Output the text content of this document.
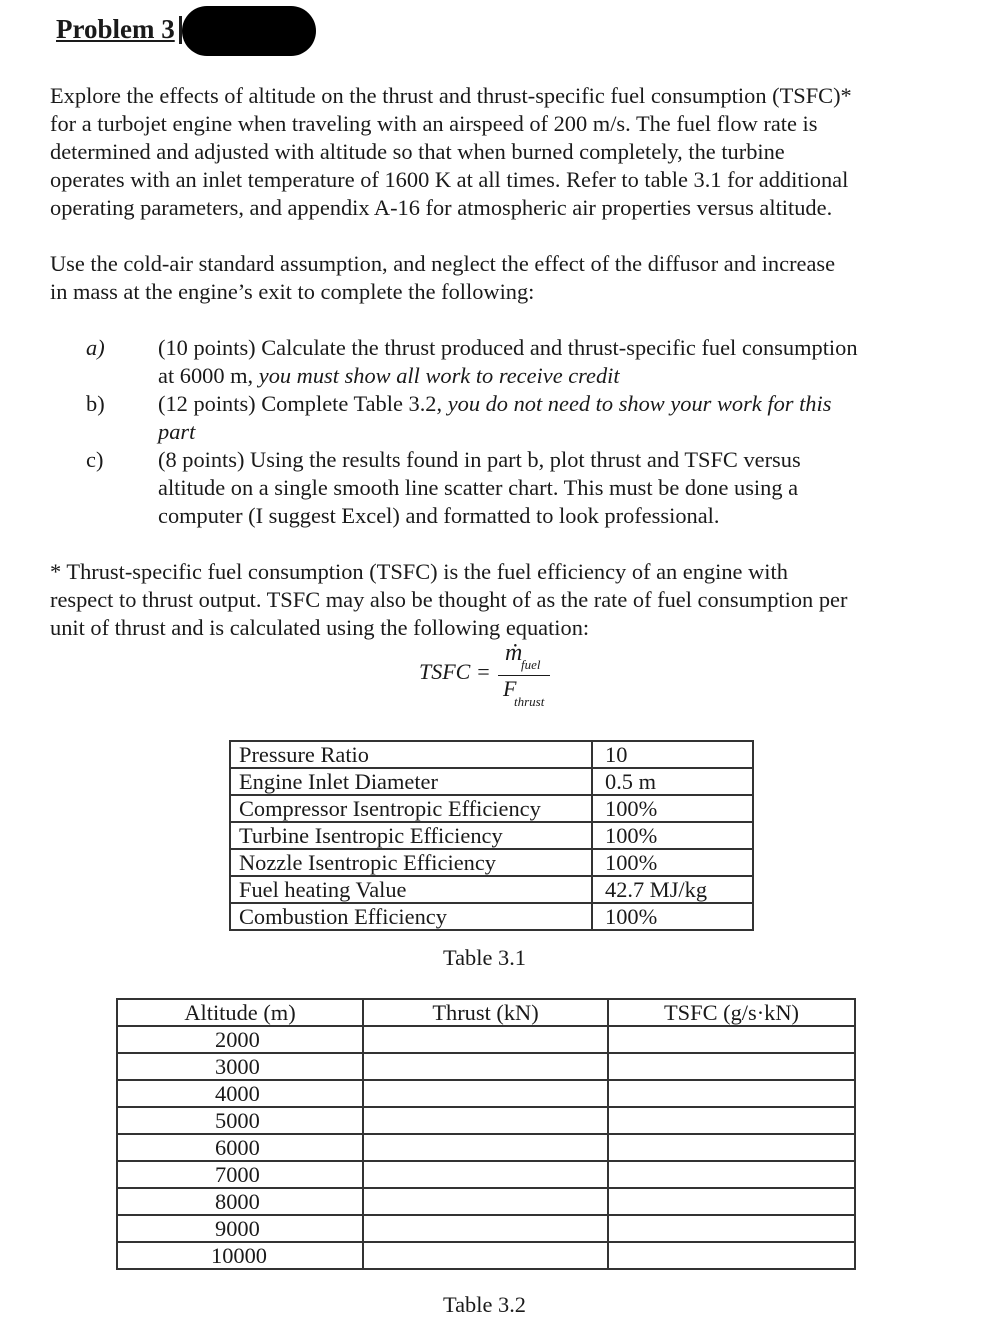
Problem 3
Explore the effects of altitude on the thrust and thrust-specific fuel consumption (TSFC)*
for a turbojet engine when traveling with an airspeed of 200 m/s. The fuel flow rate is
determined and adjusted with altitude so that when burned completely, the turbine
operates with an inlet temperature of 1600 K at all times. Refer to table 3.1 for additional
operating parameters, and appendix A-16 for atmospheric air properties versus altitude.
Use the cold-air standard assumption, and neglect the effect of the diffusor and increase
in mass at the engine’s exit to complete the following:
a) (10 points) Calculate the thrust produced and thrust-specific fuel consumption
at 6000 m, you must show all work to receive credit
b) (12 points) Complete Table 3.2, you do not need to show your work for this
part
c) (8 points) Using the results found in part b, plot thrust and TSFC versus
altitude on a single smooth line scatter chart. This must be done using a
computer (I suggest Excel) and formatted to look professional.
* Thrust-specific fuel consumption (TSFC) is the fuel efficiency of an engine with
respect to thrust output. TSFC may also be thought of as the rate of fuel consumption per
unit of thrust and is calculated using the following equation:
TSFC =
ṁ
fuel
F
thrust
Pressure Ratio	10
Engine Inlet Diameter	0.5 m
Compressor Isentropic Efficiency	100%
Turbine Isentropic Efficiency	100%
Nozzle Isentropic Efficiency	100%
Fuel heating Value	42.7 MJ/kg
Combustion Efficiency	100%
Table 3.1
Altitude (m)	Thrust (kN)	TSFC (g/s·kN)
2000		
3000		
4000		
5000		
6000		
7000		
8000		
9000		
10000		
Table 3.2
